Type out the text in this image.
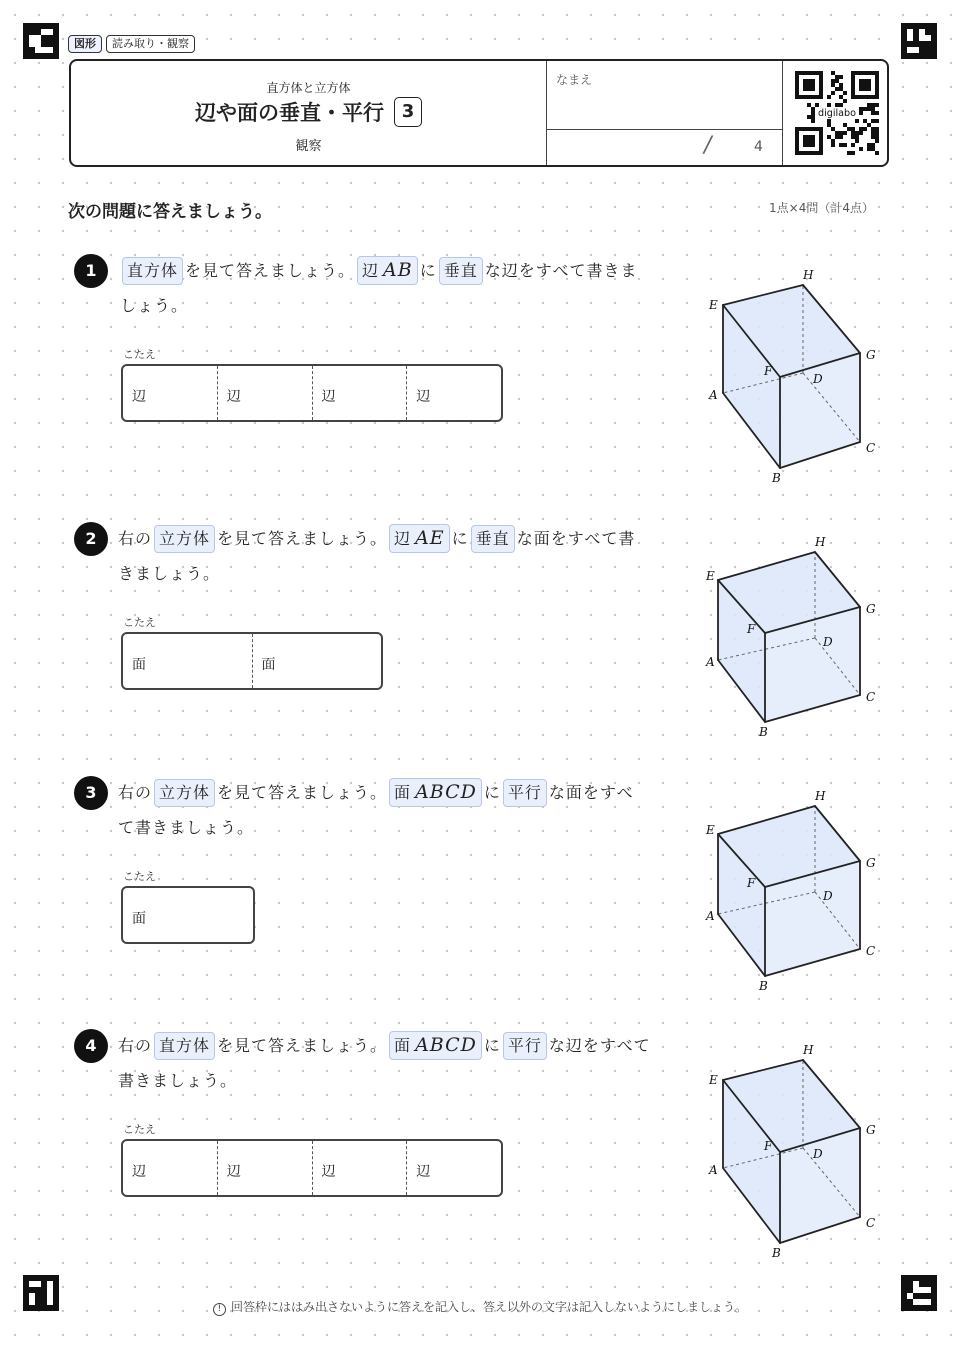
図形	読み取り・観察
直方体と立方体
辺や面の垂直・平行 3
観察
なまえ
/	4
digilabo
次の問題に答えましょう。	1点×4問（計4点）
1	直方体 を見て答えましょう。 辺 AB に 垂直 な辺をすべて書きま
しょう。
こたえ
辺	辺	辺	辺	A
B
C
D
E
F
G
H
2	右の 立方体 を見て答えましょう。 辺 AE に 垂直 な面をすべて書
きましょう。
こたえ
面	面	A
B
C
D
E
F
G
H
3	右の 立方体 を見て答えましょう。 面 ABCD に 平行 な面をすべ
て書きましょう。
こたえ
面	A
B
C
D
E
F
G
H
4	右の 直方体 を見て答えましょう。 面 ABCD に 平行 な辺をすべて
書きましょう。
こたえ
辺	辺	辺	辺	A
B
C
D
E
F
G
H
! 回答枠にははみ出さないように答えを記入し、答え以外の文字は記入しないようにしましょう。
